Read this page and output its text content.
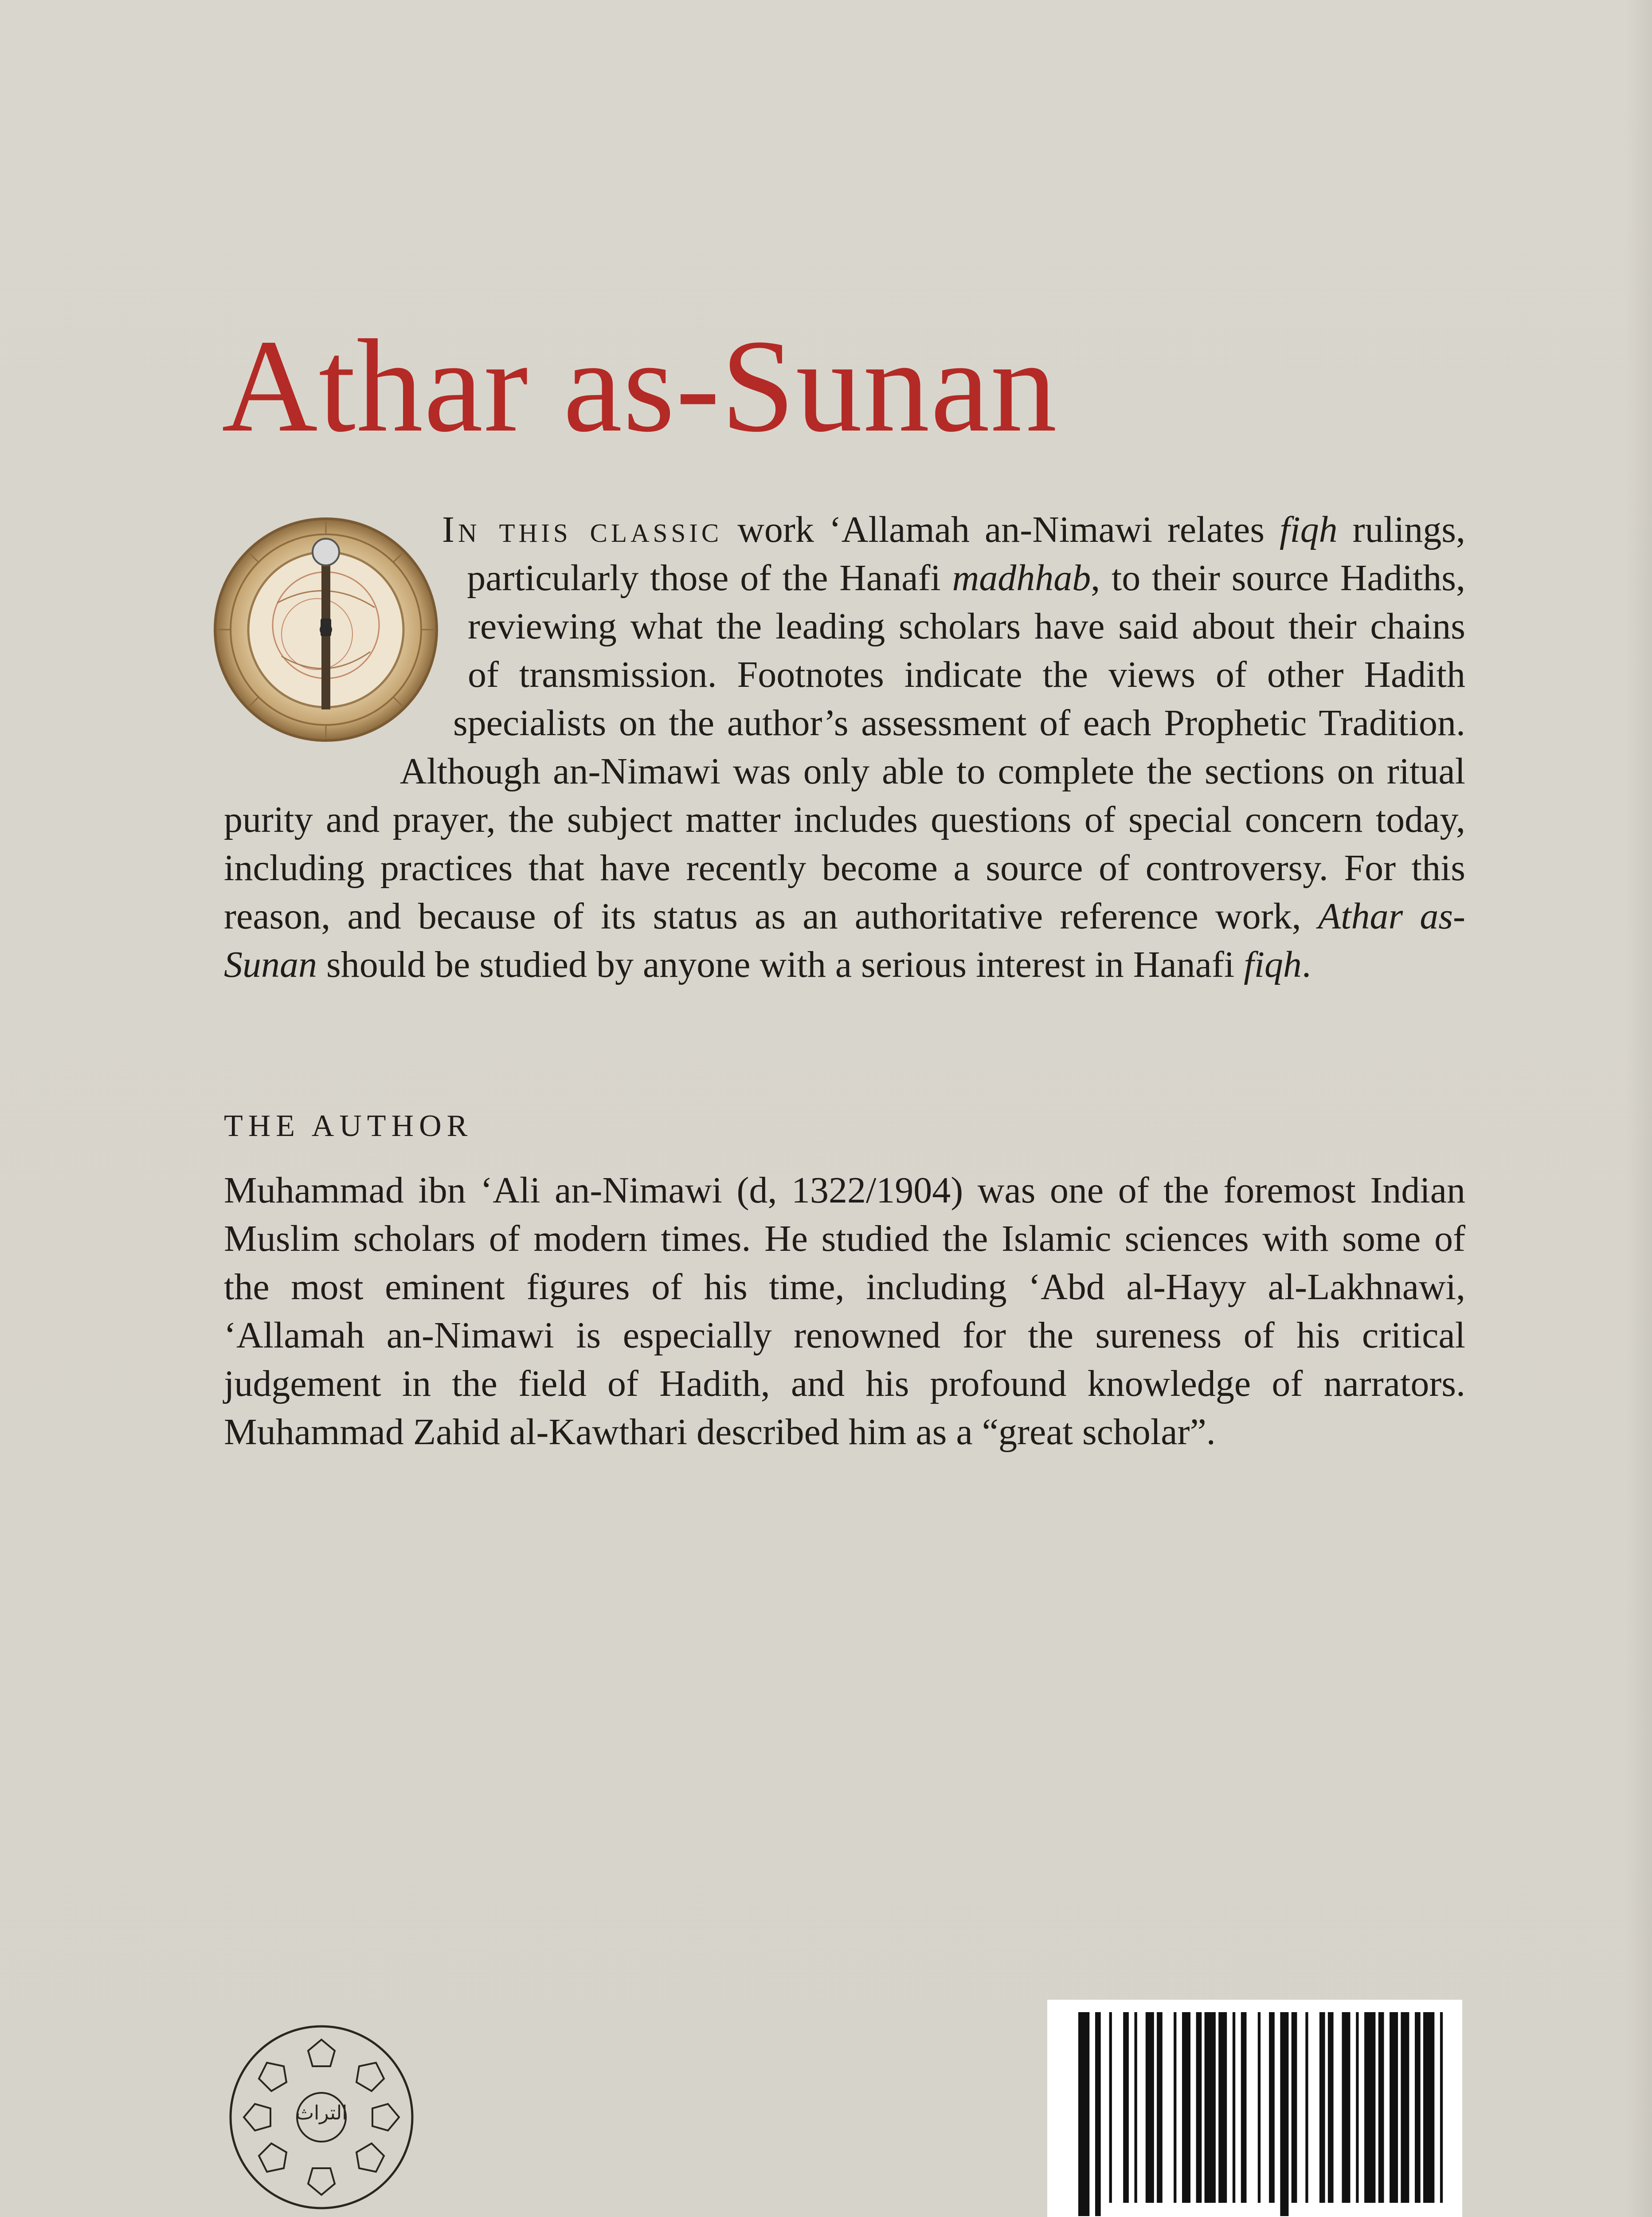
Athar as-Sunan
In this classic work ‘Allamah an-Nimawi relates fiqh rulings, particularly those of the Hanafi madhhab, to their source Hadiths, reviewing what the leading scholars have said about their chains of transmission. Footnotes indicate the views of other Hadith specialists on the author’s assessment of each Prophetic Tradition. Although an-Nimawi was only able to complete the sections on ritual purity and prayer, the subject matter includes questions of special concern today, including practices that have recently become a source of controversy. For this reason, and because of its status as an authoritative reference work, Athar as-Sunan should be studied by anyone with a serious interest in Hanafi fiqh.
THE AUTHOR

Muhammad ibn ‘Ali an-Nimawi (d, 1322/1904) was one of the foremost Indian Muslim scholars of modern times. He studied the Islamic sciences with some of the most eminent figures of his time, including ‘Abd al-Hayy al-Lakhnawi, ‘Allamah an-Nimawi is especially renowned for the sureness of his critical judgement in the field of Hadith, and his profound knowledge of narrators. Muhammad Zahid al-Kawthari described him as a “great scholar”.

التراث
